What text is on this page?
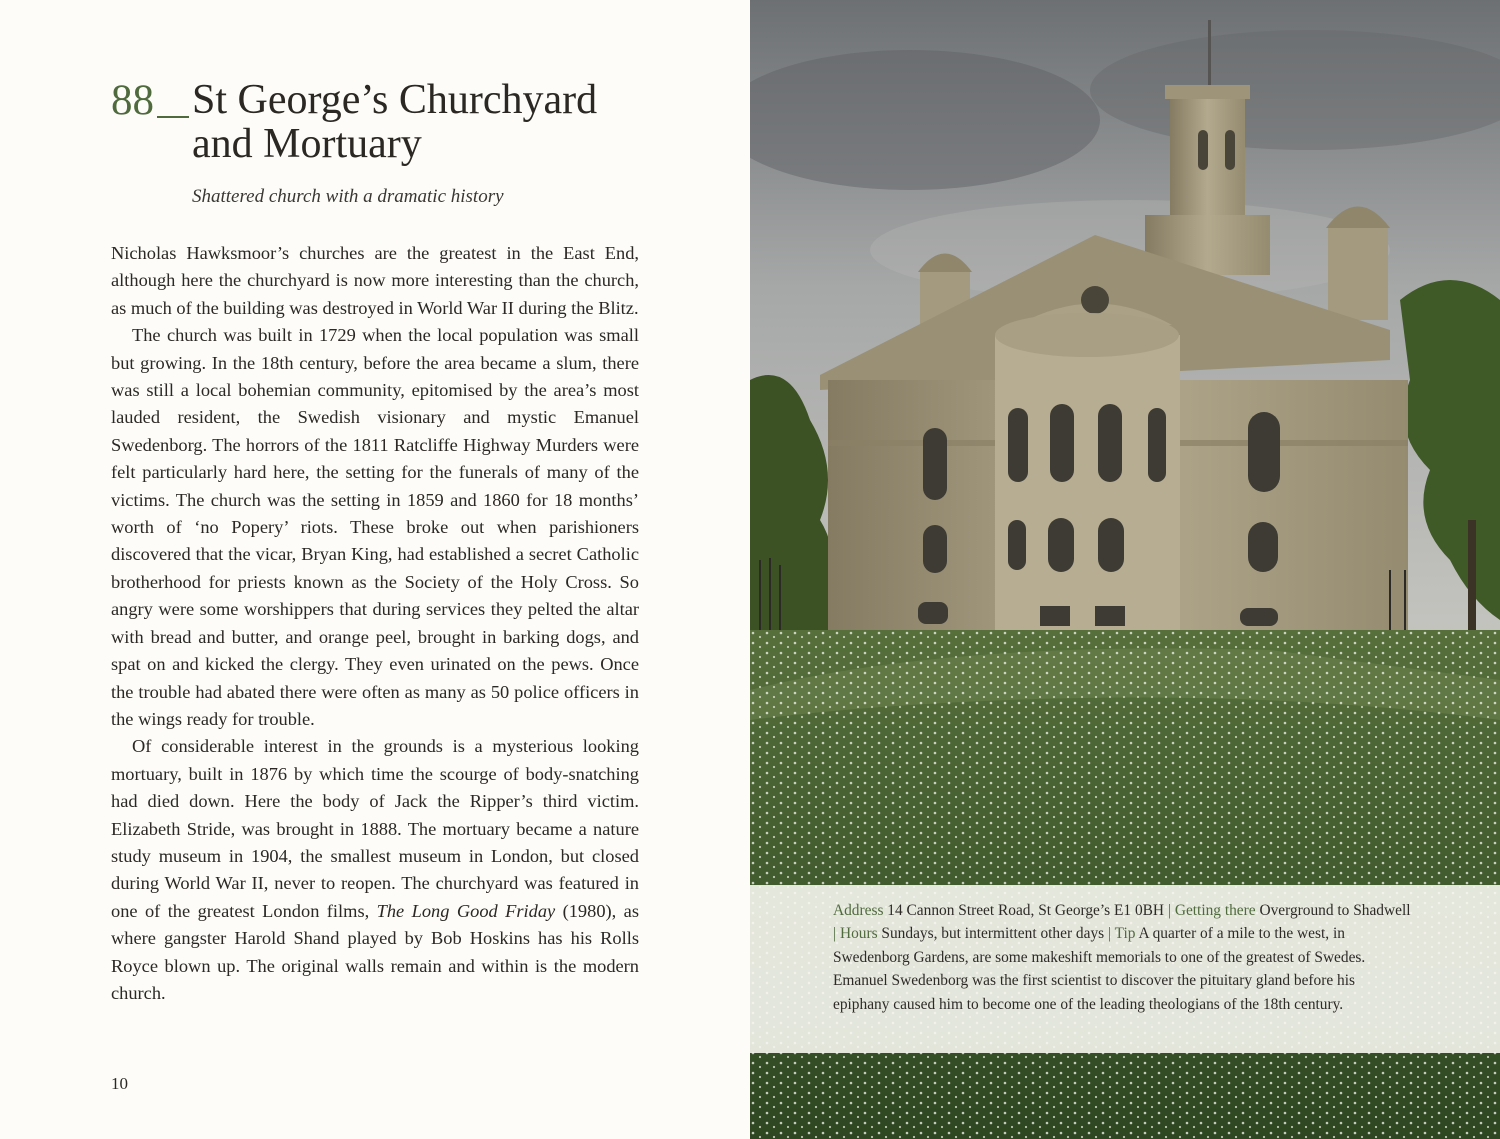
88 St George’s Churchyard
and Mortuary
Shattered church with a dramatic history

Nicholas Hawksmoor’s churches are the greatest in the East End, although here the churchyard is now more interesting than the church, as much of the building was destroyed in World War II during the Blitz.

The church was built in 1729 when the local population was small but growing. In the 18th century, before the area became a slum, there was still a local bohemian community, epitomised by the area’s most lauded resident, the Swedish visionary and mystic Emanuel Swedenborg. The horrors of the 1811 Ratcliffe Highway Murders were felt particularly hard here, the setting for the funerals of many of the victims. The church was the setting in 1859 and 1860 for 18 months’ worth of ‘no Popery’ riots. These broke out when parishioners discovered that the vicar, Bryan King, had established a secret Catholic brotherhood for priests known as the Society of the Holy Cross. So angry were some worshippers that during services they pelted the altar with bread and butter, and orange peel, brought in barking dogs, and spat on and kicked the clergy. They even urinated on the pews. Once the trouble had abated there were often as many as 50 police officers in the wings ready for trouble.

Of considerable interest in the grounds is a mysterious looking mortuary, built in 1876 by which time the scourge of body-snatching had died down. Here the body of Jack the Ripper’s third victim. Elizabeth Stride, was brought in 1888. The mortuary became a nature study museum in 1904, the smallest museum in London, but closed during World War II, never to reopen. The churchyard was featured in one of the greatest London films, The Long Good Friday (1980), as where gangster Harold Shand played by Bob Hoskins has his Rolls Royce blown up. The original walls remain and within is the modern church.

10
Address 14 Cannon Street Road, St George’s E1 0BH | Getting there Overground to Shadwell | Hours Sundays, but intermittent other days | Tip A quarter of a mile to the west, in Swedenborg Gardens, are some makeshift memorials to one of the greatest of Swedes. Emanuel Swedenborg was the first scientist to discover the pituitary gland before his epiphany caused him to become one of the leading theologians of the 18th century.
